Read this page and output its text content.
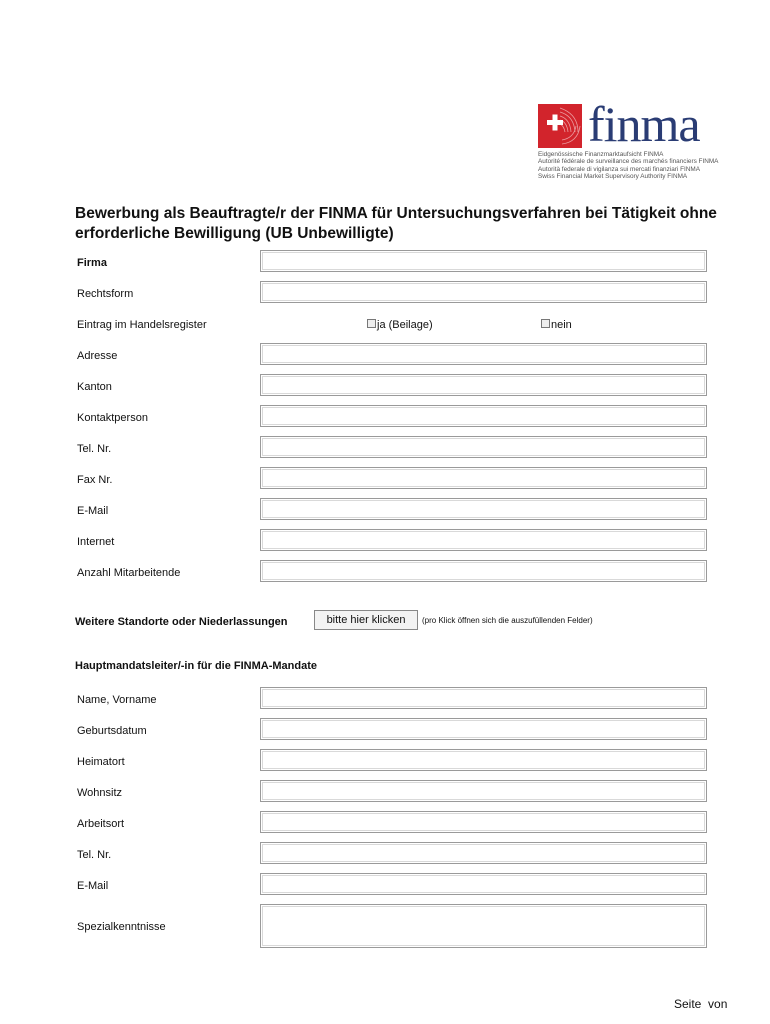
finma
Eidgenössische Finanzmarktaufsicht FINMA
Autorité fédérale de surveillance des marchés financiers FINMA
Autorità federale di vigilanza sui mercati finanziari FINMA
Swiss Financial Market Supervisory Authority FINMA
Bewerbung als Beauftragte/r der FINMA für Untersuchungsverfahren bei Tätigkeit ohne erforderliche Bewilligung (UB Unbewilligte)
Firma
Rechtsform
Eintrag im Handelsregister	ja (Beilage)	nein
Adresse
Kanton
Kontaktperson
Tel. Nr.
Fax Nr.
E-Mail
Internet
Anzahl Mitarbeitende
Weitere Standorte oder Niederlassungen	bitte hier klicken	(pro Klick öffnen sich die auszufüllenden Felder)
Hauptmandatsleiter/-in für die FINMA-Mandate
Name, Vorname
Geburtsdatum
Heimatort
Wohnsitz
Arbeitsort
Tel. Nr.
E-Mail
Spezialkenntnisse
Seite von
